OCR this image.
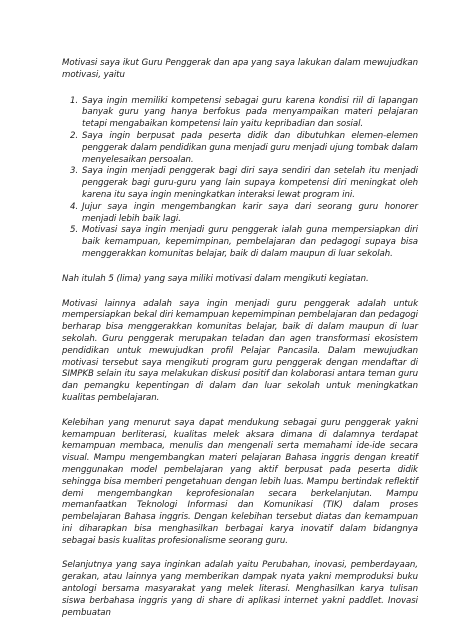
Motivasi saya ikut Guru Penggerak dan apa yang saya lakukan dalam mewujudkan motivasi, yaitu

1. Saya ingin memiliki kompetensi sebagai guru karena kondisi riil di lapangan banyak guru yang hanya berfokus pada menyampaikan materi pelajaran tetapi mengabaikan kompetensi lain yaitu kepribadian dan sosial.
2. Saya ingin berpusat pada peserta didik dan dibutuhkan elemen-elemen penggerak dalam pendidikan guna menjadi guru menjadi ujung tombak dalam menyelesaikan persoalan.
3. Saya ingin menjadi penggerak bagi diri saya sendiri dan setelah itu menjadi penggerak bagi guru-guru yang lain supaya kompetensi diri meningkat oleh karena itu saya ingin meningkatkan interaksi lewat program ini.
4. Jujur saya ingin mengembangkan karir saya dari seorang guru honorer menjadi lebih baik lagi.
5. Motivasi saya ingin menjadi guru penggerak ialah guna mempersiapkan diri baik kemampuan, kepemimpinan, pembelajaran dan pedagogi supaya bisa menggerakkan komunitas belajar, baik di dalam maupun di luar sekolah.

Nah itulah 5 (lima) yang saya miliki motivasi dalam mengikuti kegiatan.

Motivasi lainnya adalah saya ingin menjadi guru penggerak adalah untuk mempersiapkan bekal diri kemampuan kepemimpinan pembelajaran dan pedagogi berharap bisa menggerakkan komunitas belajar, baik di dalam maupun di luar sekolah. Guru penggerak merupakan teladan dan agen transformasi ekosistem pendidikan untuk mewujudkan profil Pelajar Pancasila. Dalam mewujudkan motivasi tersebut saya mengikuti program guru penggerak dengan mendaftar di SIMPKB selain itu saya melakukan diskusi positif dan kolaborasi antara teman guru dan pemangku kepentingan di dalam dan luar sekolah untuk meningkatkan kualitas pembelajaran.

Kelebihan yang menurut saya dapat mendukung sebagai guru penggerak yakni kemampuan berliterasi, kualitas melek aksara dimana di dalamnya terdapat kemampuan membaca, menulis dan mengenali serta memahami ide-ide secara visual. Mampu mengembangkan materi pelajaran Bahasa inggris dengan kreatif menggunakan model pembelajaran yang aktif berpusat pada peserta didik sehingga bisa memberi pengetahuan dengan lebih luas. Mampu bertindak reflektif demi mengembangkan keprofesionalan secara berkelanjutan. Mampu memanfaatkan Teknologi Informasi dan Komunikasi (TIK) dalam proses pembelajaran Bahasa inggris. Dengan kelebihan tersebut diatas dan kemampuan ini diharapkan bisa menghasilkan berbagai karya inovatif dalam bidangnya sebagai basis kualitas profesionalisme seorang guru.

Selanjutnya yang saya inginkan adalah yaitu Perubahan, inovasi, pemberdayaan, gerakan, atau lainnya yang memberikan dampak nyata yakni memproduksi buku antologi bersama masyarakat yang melek literasi. Menghasilkan karya tulisan siswa berbahasa inggris yang di share di aplikasi internet yakni paddlet. Inovasi pembuatan
